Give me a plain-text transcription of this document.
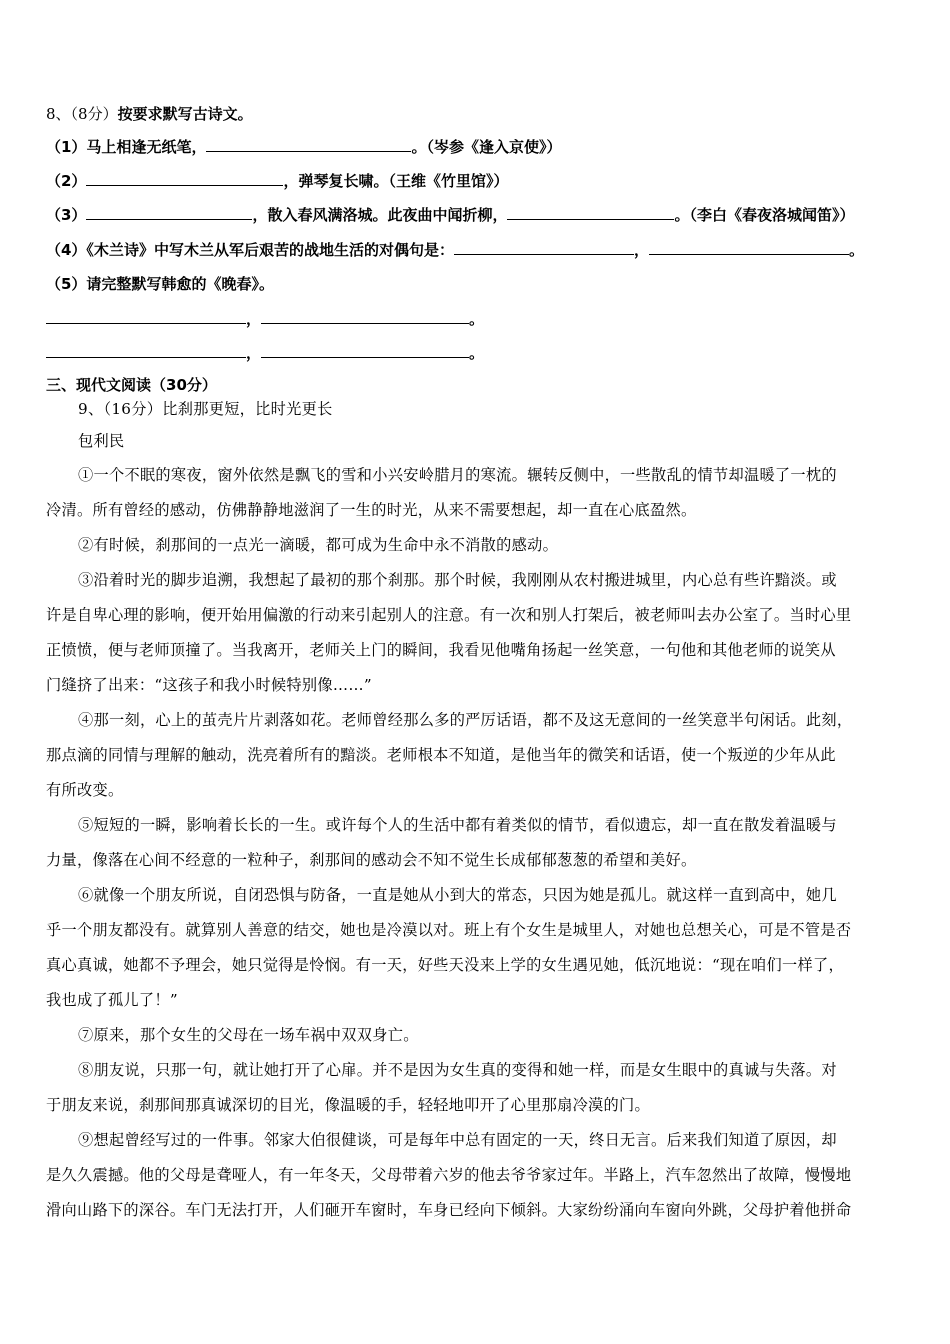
8、（8分）按要求默写古诗文。
（1）马上相逢无纸笔，	。（岑参《逢入京使》）
（2）	，弹琴复长啸。（王维《竹里馆》）
（3）	，散入春风满洛城。此夜曲中闻折柳，	。（李白《春夜洛城闻笛》）
（4）《木兰诗》中写木兰从军后艰苦的战地生活的对偶句是：	，	。
（5）请完整默写韩愈的《晚春》。
，	。
，	。
三、现代文阅读（30分）
9、（16分）比刹那更短，比时光更长
包利民
①一个不眠的寒夜，窗外依然是飘飞的雪和小兴安岭腊月的寒流。辗转反侧中，一些散乱的情节却温暖了一枕的
冷清。所有曾经的感动，仿佛静静地滋润了一生的时光，从来不需要想起，却一直在心底盈然。
②有时候，刹那间的一点光一滴暖，都可成为生命中永不消散的感动。
③沿着时光的脚步追溯，我想起了最初的那个刹那。那个时候，我刚刚从农村搬进城里，内心总有些许黯淡。或
许是自卑心理的影响，便开始用偏激的行动来引起别人的注意。有一次和别人打架后，被老师叫去办公室了。当时心里
正愤愤，便与老师顶撞了。当我离开，老师关上门的瞬间，我看见他嘴角扬起一丝笑意，一句他和其他老师的说笑从
门缝挤了出来：“这孩子和我小时候特别像……”
④那一刻，心上的茧壳片片剥落如花。老师曾经那么多的严厉话语，都不及这无意间的一丝笑意半句闲话。此刻，
那点滴的同情与理解的触动，洗亮着所有的黯淡。老师根本不知道，是他当年的微笑和话语，使一个叛逆的少年从此
有所改变。
⑤短短的一瞬，影响着长长的一生。或许每个人的生活中都有着类似的情节，看似遗忘，却一直在散发着温暖与
力量，像落在心间不经意的一粒种子，刹那间的感动会不知不觉生长成郁郁葱葱的希望和美好。
⑥就像一个朋友所说，自闭恐惧与防备，一直是她从小到大的常态，只因为她是孤儿。就这样一直到高中，她几
乎一个朋友都没有。就算别人善意的结交，她也是冷漠以对。班上有个女生是城里人，对她也总想关心，可是不管是否
真心真诚，她都不予理会，她只觉得是怜悯。有一天，好些天没来上学的女生遇见她，低沉地说：“现在咱们一样了，
我也成了孤儿了！”
⑦原来，那个女生的父母在一场车祸中双双身亡。
⑧朋友说，只那一句，就让她打开了心扉。并不是因为女生真的变得和她一样，而是女生眼中的真诚与失落。对
于朋友来说，刹那间那真诚深切的目光，像温暖的手，轻轻地叩开了心里那扇冷漠的门。
⑨想起曾经写过的一件事。邻家大伯很健谈，可是每年中总有固定的一天，终日无言。后来我们知道了原因，却
是久久震撼。他的父母是聋哑人，有一年冬天，父母带着六岁的他去爷爷家过年。半路上，汽车忽然出了故障，慢慢地
滑向山路下的深谷。车门无法打开，人们砸开车窗时，车身已经向下倾斜。大家纷纷涌向车窗向外跳，父母护着他拼命
